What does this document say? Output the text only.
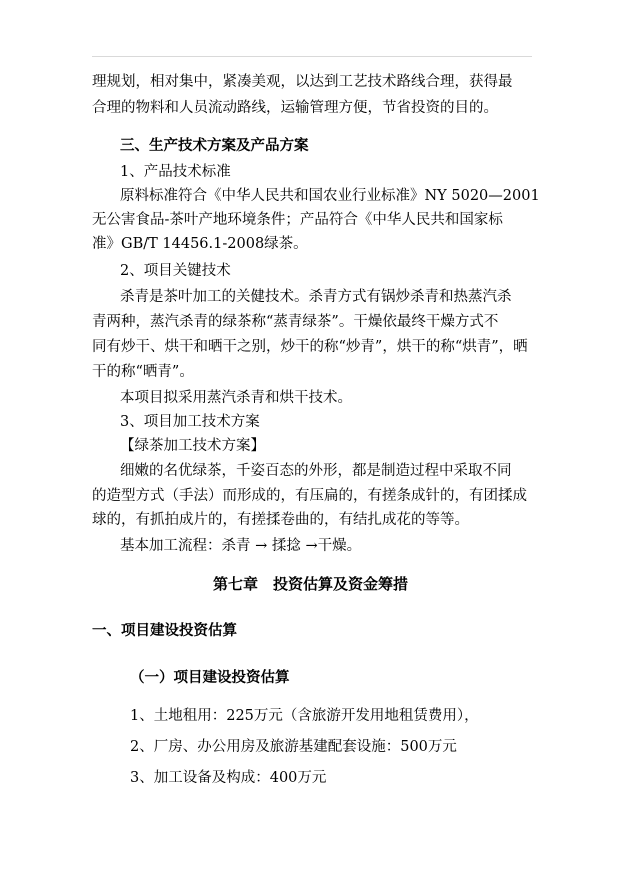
理规划，相对集中，紧凑美观，以达到工艺技术路线合理，获得最
合理的物料和人员流动路线，运输管理方便，节省投资的目的。
三、生产技术方案及产品方案
1、产品技术标准
原料标准符合《中华人民共和国农业行业标准》NY 5020—2001
无公害食品-茶叶产地环境条件；产品符合《中华人民共和国家标
准》GB/T 14456.1-2008绿茶。
2、项目关键技术
杀青是茶叶加工的关健技术。杀青方式有锅炒杀青和热蒸汽杀
青两种，蒸汽杀青的绿茶称“蒸青绿茶”。干燥依最终干燥方式不
同有炒干、烘干和晒干之别，炒干的称“炒青”，烘干的称“烘青”，晒
干的称“晒青”。
本项目拟采用蒸汽杀青和烘干技术。
3、项目加工技术方案
【绿茶加工技术方案】
细嫩的名优绿茶，千姿百态的外形，都是制造过程中采取不同
的造型方式（手法）而形成的，有压扁的，有搓条成针的，有团揉成
球的，有抓拍成片的，有搓揉卷曲的，有结扎成花的等等。
基本加工流程：杀青 → 揉捻 →干燥。
第七章　投资估算及资金筹措
一、项目建设投资估算
（一）项目建设投资估算
1、土地租用：225万元（含旅游开发用地租赁费用），
2、厂房、办公用房及旅游基建配套设施：500万元
3、加工设备及构成：400万元
